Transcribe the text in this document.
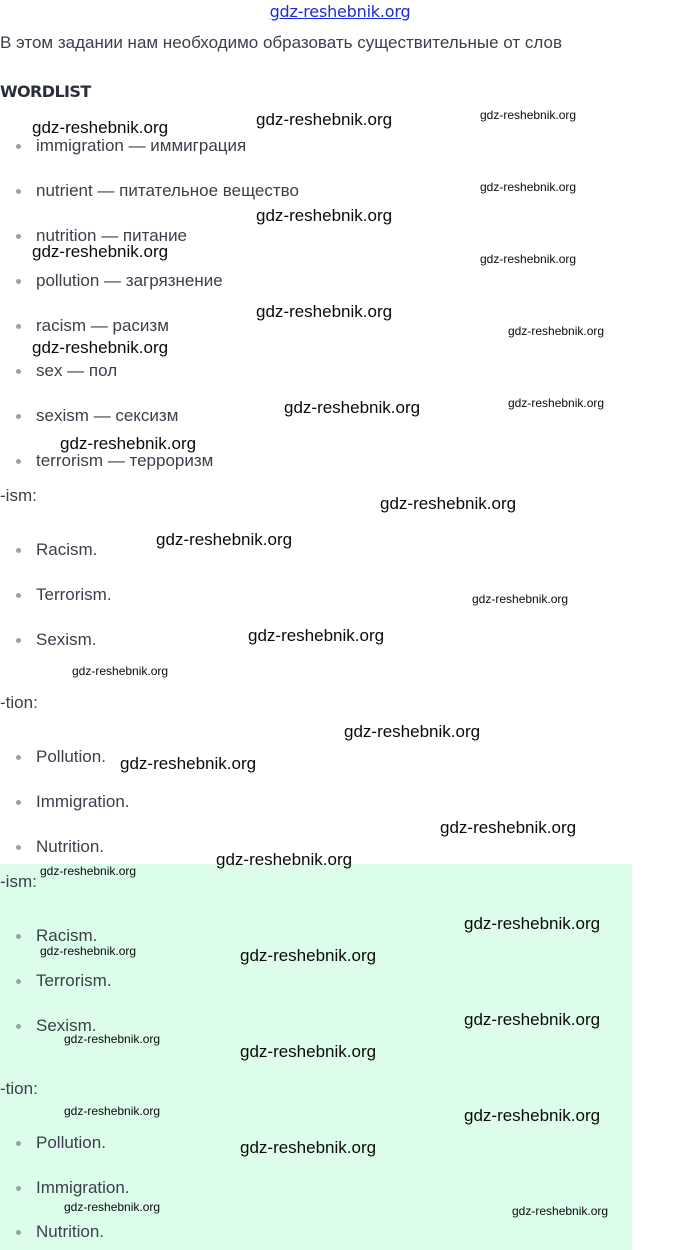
gdz-reshebnik.org
В этом задании нам необходимо образовать существительные от слов
WORDLIST
immigration — иммиграция
nutrient — питательное вещество
nutrition — питание
pollution — загрязнение
racism — расизм
sex — пол
sexism — сексизм
terrorism — терроризм
-ism:
Racism.
Terrorism.
Sexism.
-tion:
Pollution.
Immigration.
Nutrition.
-ism:
Racism.
Terrorism.
Sexism.
-tion:
Pollution.
Immigration.
Nutrition.
gdz-reshebnik.org	gdz-reshebnik.org	gdz-reshebnik.org
gdz-reshebnik.org
gdz-reshebnik.org
gdz-reshebnik.org	gdz-reshebnik.org
gdz-reshebnik.org
gdz-reshebnik.org
gdz-reshebnik.org
gdz-reshebnik.org
gdz-reshebnik.org
gdz-reshebnik.org
gdz-reshebnik.org
gdz-reshebnik.org
gdz-reshebnik.org
gdz-reshebnik.org
gdz-reshebnik.org
gdz-reshebnik.org
gdz-reshebnik.org
gdz-reshebnik.org
gdz-reshebnik.org
gdz-reshebnik.org
gdz-reshebnik.org
gdz-reshebnik.org	gdz-reshebnik.org
gdz-reshebnik.org
gdz-reshebnik.org
gdz-reshebnik.org
gdz-reshebnik.org	gdz-reshebnik.org
gdz-reshebnik.org
gdz-reshebnik.org	gdz-reshebnik.org
